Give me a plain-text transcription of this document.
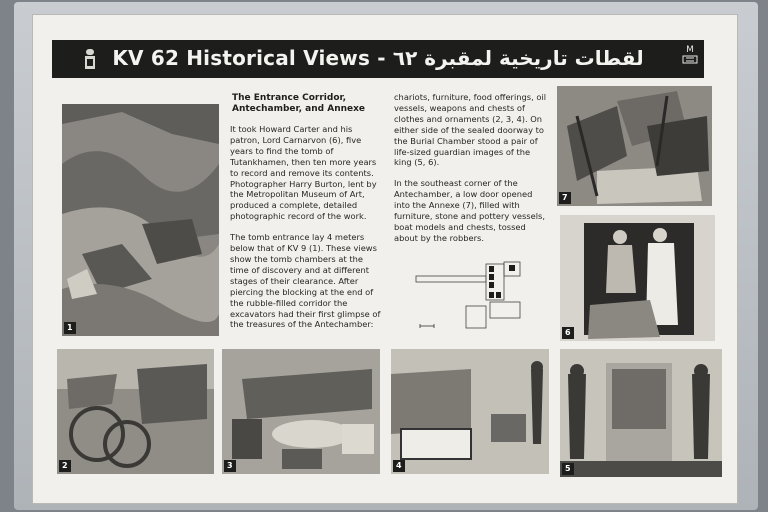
KV 62 Historical Views - لقطات تاريخية لمقبرة ٦٢	M
1
The Entrance Corridor, Antechamber, and Annexe

It took Howard Carter and his patron, Lord Carnarvon (6), five years to find the tomb of Tutankhamen, then ten more years to record and remove its contents. Photographer Harry Burton, lent by the Metropolitan Museum of Art, produced a complete, detailed photographic record of the work.

The tomb entrance lay 4 meters below that of KV 9 (1). These views show the tomb chambers at the time of discovery and at different stages of their clearance. After piercing the blocking at the end of the rubble-filled corridor the excavators had their first glimpse of the treasures of the Antechamber:

chariots, furniture, food offerings, oil vessels, weapons and chests of clothes and ornaments (2, 3, 4). On either side of the sealed doorway to the Burial Chamber stood a pair of life-sized guardian images of the king (5, 6).

In the southeast corner of the Antechamber, a low door opened into the Annexe (7), filled with furniture, stone and pottery vessels, boat models and chests, tossed about by the robbers.

7
6
2	3	4	5
